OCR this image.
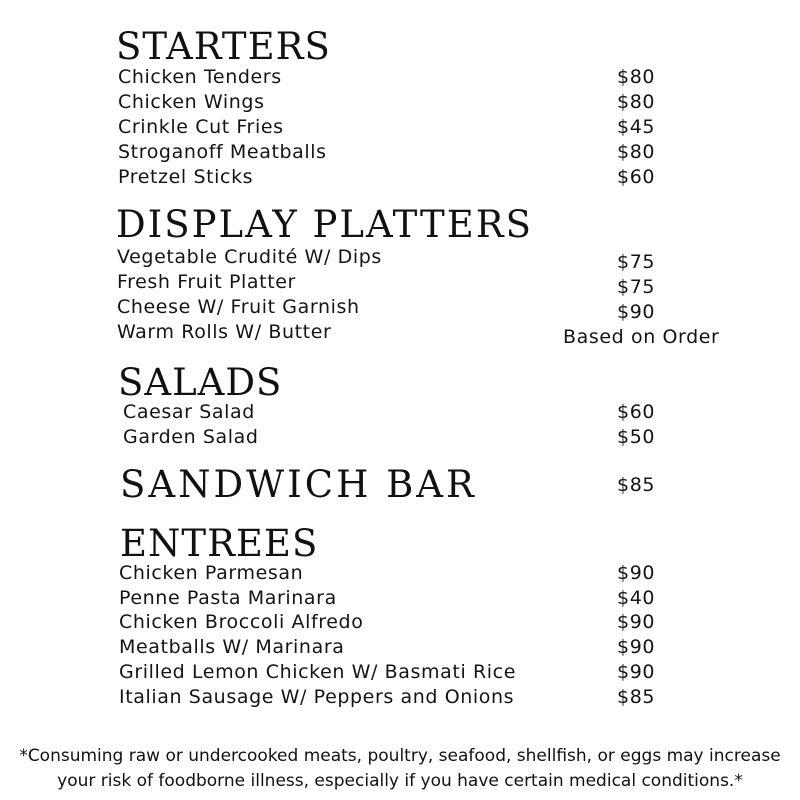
STARTERS
Chicken Tenders	$80
Chicken Wings	$80
Crinkle Cut Fries	$45
Stroganoff Meatballs	$80
Pretzel Sticks	$60
DISPLAY PLATTERS
Vegetable Crudité W/ Dips	$75
Fresh Fruit Platter	$75
Cheese W/ Fruit Garnish	$90
Warm Rolls W/ Butter	Based on Order
SALADS
Caesar Salad	$60
Garden Salad	$50
SANDWICH BAR	$85
ENTREES
Chicken Parmesan	$90
Penne Pasta Marinara	$40
Chicken Broccoli Alfredo	$90
Meatballs W/ Marinara	$90
Grilled Lemon Chicken W/ Basmati Rice	$90
Italian Sausage W/ Peppers and Onions	$85
*Consuming raw or undercooked meats, poultry, seafood, shellfish, or eggs may increase
your risk of foodborne illness, especially if you have certain medical conditions.*
